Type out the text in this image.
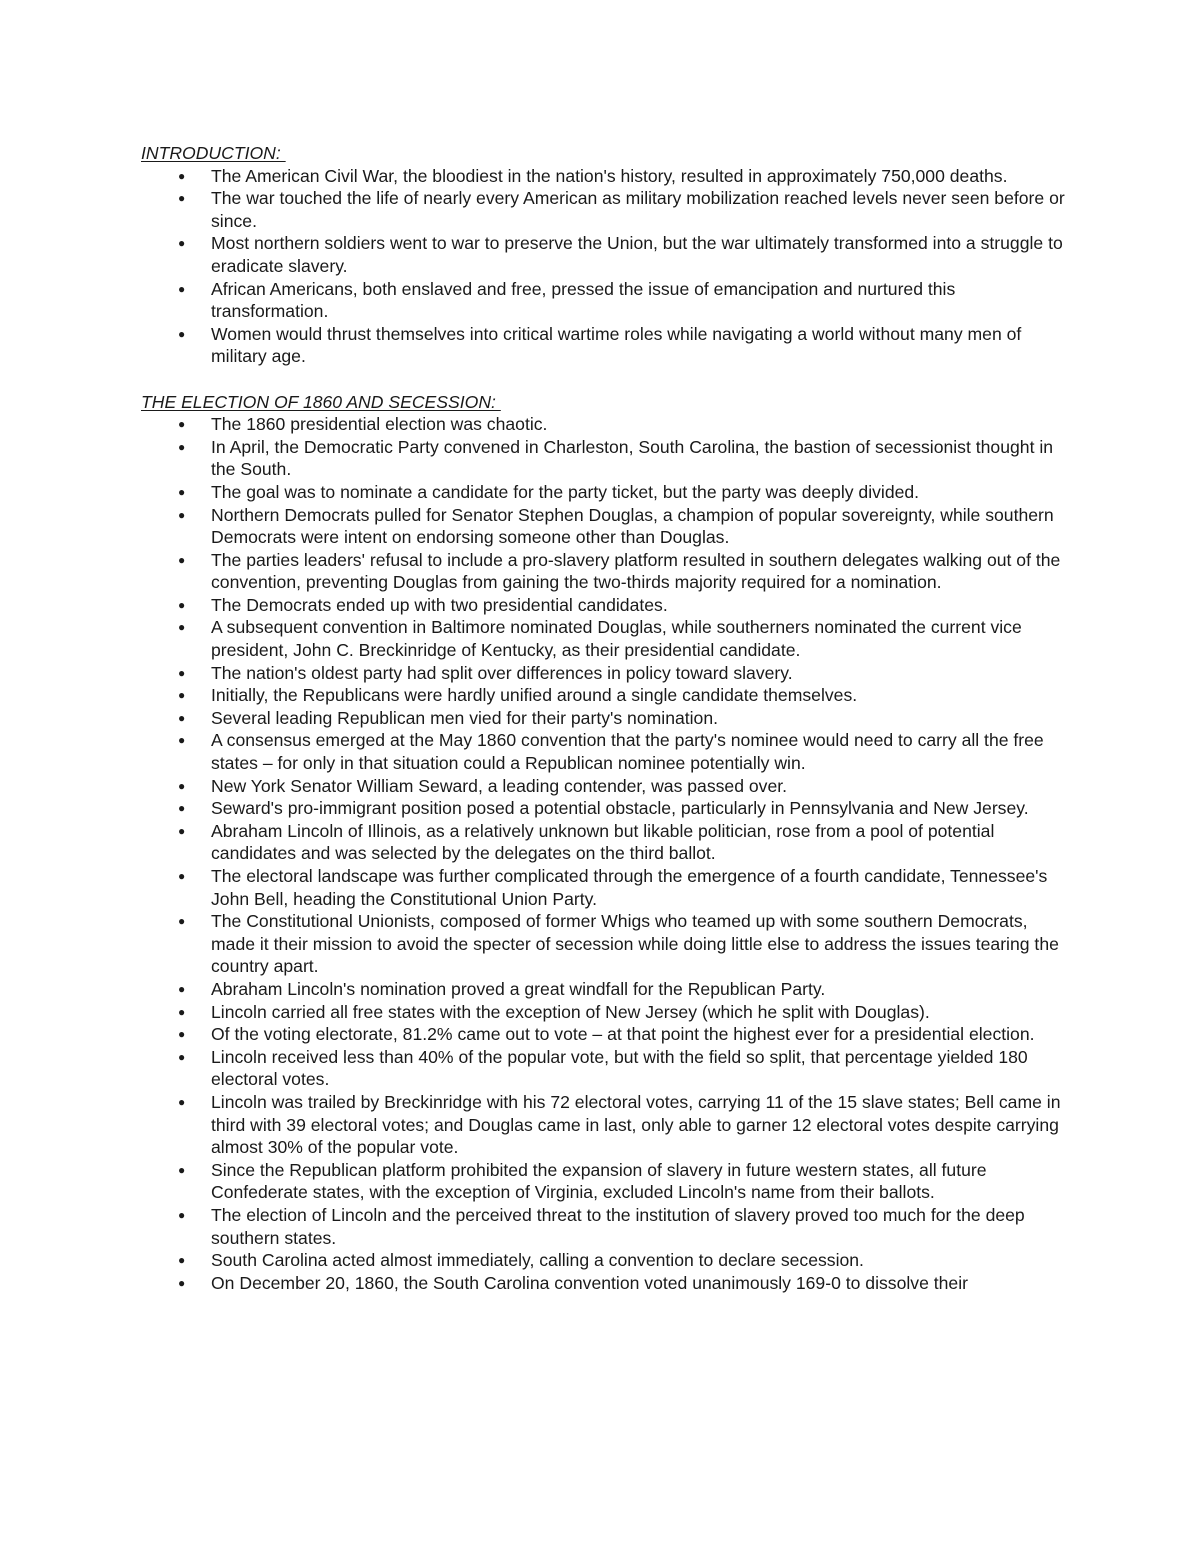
INTRODUCTION:

● The American Civil War, the bloodiest in the nation's history, resulted in approximately 750,000 deaths.
● The war touched the life of nearly every American as military mobilization reached levels never seen before or since.
● Most northern soldiers went to war to preserve the Union, but the war ultimately transformed into a struggle to eradicate slavery.
● African Americans, both enslaved and free, pressed the issue of emancipation and nurtured this transformation.
● Women would thrust themselves into critical wartime roles while navigating a world without many men of military age.

THE ELECTION OF 1860 AND SECESSION:

● The 1860 presidential election was chaotic.
● In April, the Democratic Party convened in Charleston, South Carolina, the bastion of secessionist thought in the South.
● The goal was to nominate a candidate for the party ticket, but the party was deeply divided.
● Northern Democrats pulled for Senator Stephen Douglas, a champion of popular sovereignty, while southern Democrats were intent on endorsing someone other than Douglas.
● The parties leaders' refusal to include a pro-slavery platform resulted in southern delegates walking out of the convention, preventing Douglas from gaining the two-thirds majority required for a nomination.
● The Democrats ended up with two presidential candidates.
● A subsequent convention in Baltimore nominated Douglas, while southerners nominated the current vice president, John C. Breckinridge of Kentucky, as their presidential candidate.
● The nation's oldest party had split over differences in policy toward slavery.
● Initially, the Republicans were hardly unified around a single candidate themselves.
● Several leading Republican men vied for their party's nomination.
● A consensus emerged at the May 1860 convention that the party's nominee would need to carry all the free states – for only in that situation could a Republican nominee potentially win.
● New York Senator William Seward, a leading contender, was passed over.
● Seward's pro-immigrant position posed a potential obstacle, particularly in Pennsylvania and New Jersey.
● Abraham Lincoln of Illinois, as a relatively unknown but likable politician, rose from a pool of potential candidates and was selected by the delegates on the third ballot.
● The electoral landscape was further complicated through the emergence of a fourth candidate, Tennessee's John Bell, heading the Constitutional Union Party.
● The Constitutional Unionists, composed of former Whigs who teamed up with some southern Democrats, made it their mission to avoid the specter of secession while doing little else to address the issues tearing the country apart.
● Abraham Lincoln's nomination proved a great windfall for the Republican Party.
● Lincoln carried all free states with the exception of New Jersey (which he split with Douglas).
● Of the voting electorate, 81.2% came out to vote – at that point the highest ever for a presidential election.
● Lincoln received less than 40% of the popular vote, but with the field so split, that percentage yielded 180 electoral votes.
● Lincoln was trailed by Breckinridge with his 72 electoral votes, carrying 11 of the 15 slave states; Bell came in third with 39 electoral votes; and Douglas came in last, only able to garner 12 electoral votes despite carrying almost 30% of the popular vote.
● Since the Republican platform prohibited the expansion of slavery in future western states, all future Confederate states, with the exception of Virginia, excluded Lincoln's name from their ballots.
● The election of Lincoln and the perceived threat to the institution of slavery proved too much for the deep southern states.
● South Carolina acted almost immediately, calling a convention to declare secession.
● On December 20, 1860, the South Carolina convention voted unanimously 169-0 to dissolve their
